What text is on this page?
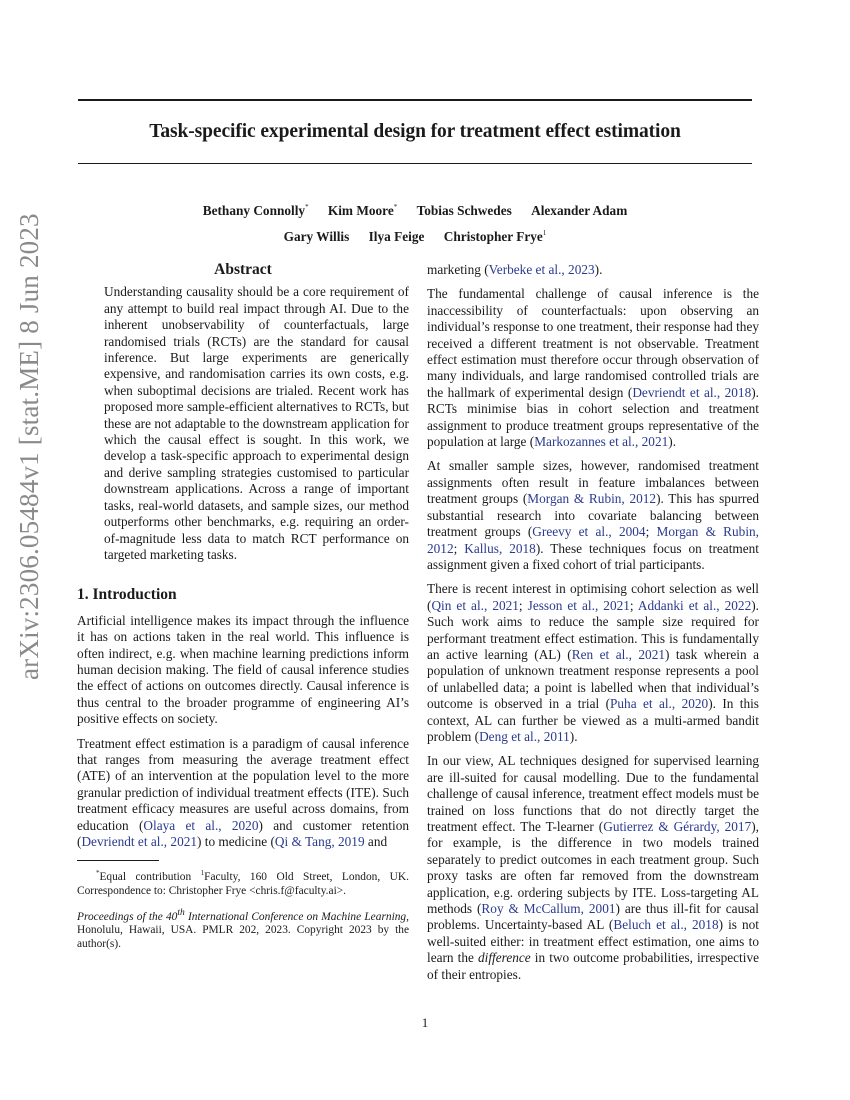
arXiv:2306.05484v1 [stat.ME] 8 Jun 2023
Task-specific experimental design for treatment effect estimation
Bethany Connolly* Kim Moore* Tobias Schwedes Alexander Adam
Gary Willis Ilya Feige Christopher Frye$^1$
Abstract

Understanding causality should be a core requirement of any attempt to build real impact through AI. Due to the inherent unobservability of counterfactuals, large randomised trials (RCTs) are the standard for causal inference. But large experiments are generically expensive, and randomisation carries its own costs, e.g. when suboptimal decisions are trialed. Recent work has proposed more sample-efficient alternatives to RCTs, but these are not adaptable to the downstream application for which the causal effect is sought. In this work, we develop a task-specific approach to experimental design and derive sampling strategies customised to particular downstream applications. Across a range of important tasks, real-world datasets, and sample sizes, our method outperforms other benchmarks, e.g. requiring an order-of-magnitude less data to match RCT performance on targeted marketing tasks.

1. Introduction

Artificial intelligence makes its impact through the influence it has on actions taken in the real world. This influence is often indirect, e.g. when machine learning predictions inform human decision making. The field of causal inference studies the effect of actions on outcomes directly. Causal inference is thus central to the broader programme of engineering AI’s positive effects on society.

Treatment effect estimation is a paradigm of causal inference that ranges from measuring the average treatment effect (ATE) of an intervention at the population level to the more granular prediction of individual treatment effects (ITE). Such treatment efficacy measures are useful across domains, from education (Olaya et al., 2020) and customer retention (Devriendt et al., 2021) to medicine (Qi & Tang, 2019 and

*Equal contribution $^1$Faculty, 160 Old Street, London, UK. Correspondence to: Christopher Frye <chris.f@faculty.ai>.
Proceedings of the 40th International Conference on Machine Learning, Honolulu, Hawaii, USA. PMLR 202, 2023. Copyright 2023 by the author(s).

marketing (Verbeke et al., 2023).

The fundamental challenge of causal inference is the inaccessibility of counterfactuals: upon observing an individual’s response to one treatment, their response had they received a different treatment is not observable. Treatment effect estimation must therefore occur through observation of many individuals, and large randomised controlled trials are the hallmark of experimental design (Devriendt et al., 2018). RCTs minimise bias in cohort selection and treatment assignment to produce treatment groups representative of the population at large (Markozannes et al., 2021).

At smaller sample sizes, however, randomised treatment assignments often result in feature imbalances between treatment groups (Morgan & Rubin, 2012). This has spurred substantial research into covariate balancing between treatment groups (Greevy et al., 2004; Morgan & Rubin, 2012; Kallus, 2018). These techniques focus on treatment assignment given a fixed cohort of trial participants.

There is recent interest in optimising cohort selection as well (Qin et al., 2021; Jesson et al., 2021; Addanki et al., 2022). Such work aims to reduce the sample size required for performant treatment effect estimation. This is fundamentally an active learning (AL) (Ren et al., 2021) task wherein a population of unknown treatment response represents a pool of unlabelled data; a point is labelled when that individual’s outcome is observed in a trial (Puha et al., 2020). In this context, AL can further be viewed as a multi-armed bandit problem (Deng et al., 2011).

In our view, AL techniques designed for supervised learning are ill-suited for causal modelling. Due to the fundamental challenge of causal inference, treatment effect models must be trained on loss functions that do not directly target the treatment effect. The T-learner (Gutierrez & Gérardy, 2017), for example, is the difference in two models trained separately to predict outcomes in each treatment group. Such proxy tasks are often far removed from the downstream application, e.g. ordering subjects by ITE. Loss-targeting AL methods (Roy & McCallum, 2001) are thus ill-fit for causal problems. Uncertainty-based AL (Beluch et al., 2018) is not well-suited either: in treatment effect estimation, one aims to learn the difference in two outcome probabilities, irrespective of their entropies.

1
